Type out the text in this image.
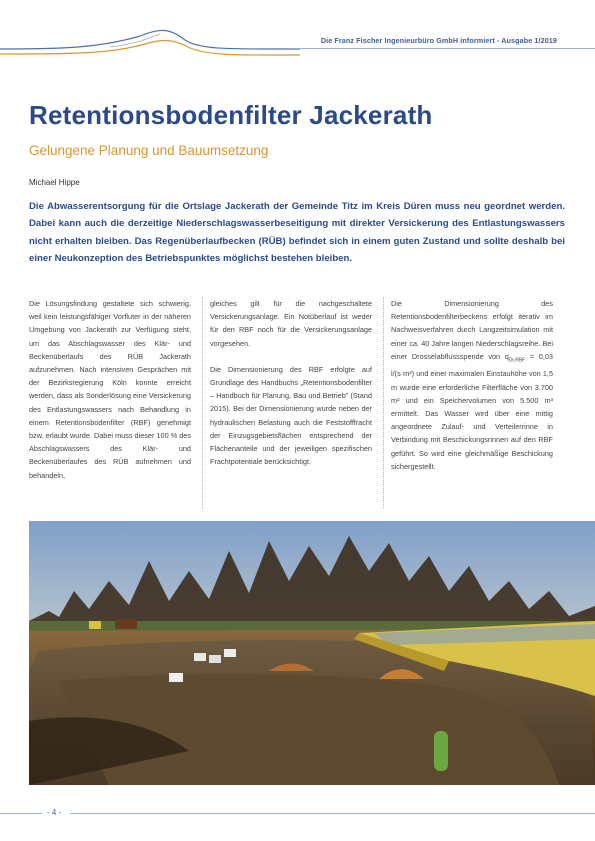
Die Franz Fischer Ingenieurbüro GmbH informiert - Ausgabe 1/2019
Retentionsbodenfilter Jackerath
Gelungene Planung und Bauumsetzung
Michael Hippe
Die Abwasserentsorgung für die Ortslage Jackerath der Gemeinde Titz im Kreis Düren muss neu geordnet werden. Dabei kann auch die derzeitige Niederschlagswasserbeseitigung mit direkter Versickerung des Entlastungswassers nicht erhalten bleiben. Das Regenüberlaufbecken (RÜB) befindet sich in einem guten Zustand und sollte deshalb bei einer Neukonzeption des Betriebspunktes möglichst bestehen bleiben.

Die Lösungsfindung gestaltete sich schwierig, weil kein leistungsfähiger Vorfluter in der näheren Umgebung von Jackerath zur Verfügung steht, um das Abschlagswasser des Klär- und Beckenüberlaufs des RÜB Jackerath aufzunehmen. Nach intensiven Gesprächen mit der Bezirksregierung Köln konnte erreicht werden, dass als Sonderlösung eine Versickerung des Entlastungswassers nach Behandlung in einem Retentionsbodenfilter (RBF) genehmigt bzw. erlaubt wurde. Dabei muss dieser 100 % des Abschlagswassers des Klär- und Beckenüberlaufes des RÜB aufnehmen und behandeln,

gleiches gilt für die nachgeschaltete Versickerungsanlage. Ein Notüberlauf ist weder für den RBF noch für die Versickerungsanlage vorgesehen.

Die Dimensionierung des RBF erfolgte auf Grundlage des Handbuchs „Retentionsbodenfilter – Handbuch für Planung, Bau und Betrieb" (Stand 2015). Bei der Dimensionierung wurde neben der hydraulischen Belastung auch die Feststofffracht der Einzugsgebietsflächen entsprechend der Flächenanteile und der jeweiligen spezifischen Frachtpotentiale berücksichtigt.

Die Dimensionierung des Retentionsbodenfilterbeckens erfolgt iterativ im Nachweisverfahren durch Langzeitsimulation mit einer ca. 40 Jahre langen Niederschlagsreihe. Bei einer Drosselabflussspende von $q_{Dr,RBF} = 0,03$ l/(s·m²) und einer maximalen Einstauhöhe von 1,5 m wurde eine erforderliche Filterfläche von 3.700 m² und ein Speichervolumen von 5.500 m³ ermittelt. Das Wasser wird über eine mittig angeordnete Zulauf- und Verteilerrinne in Verbindung mit Beschickungsrinnen auf den RBF geführt. So wird eine gleichmäßige Beschickung sichergestellt.

- 4 -
